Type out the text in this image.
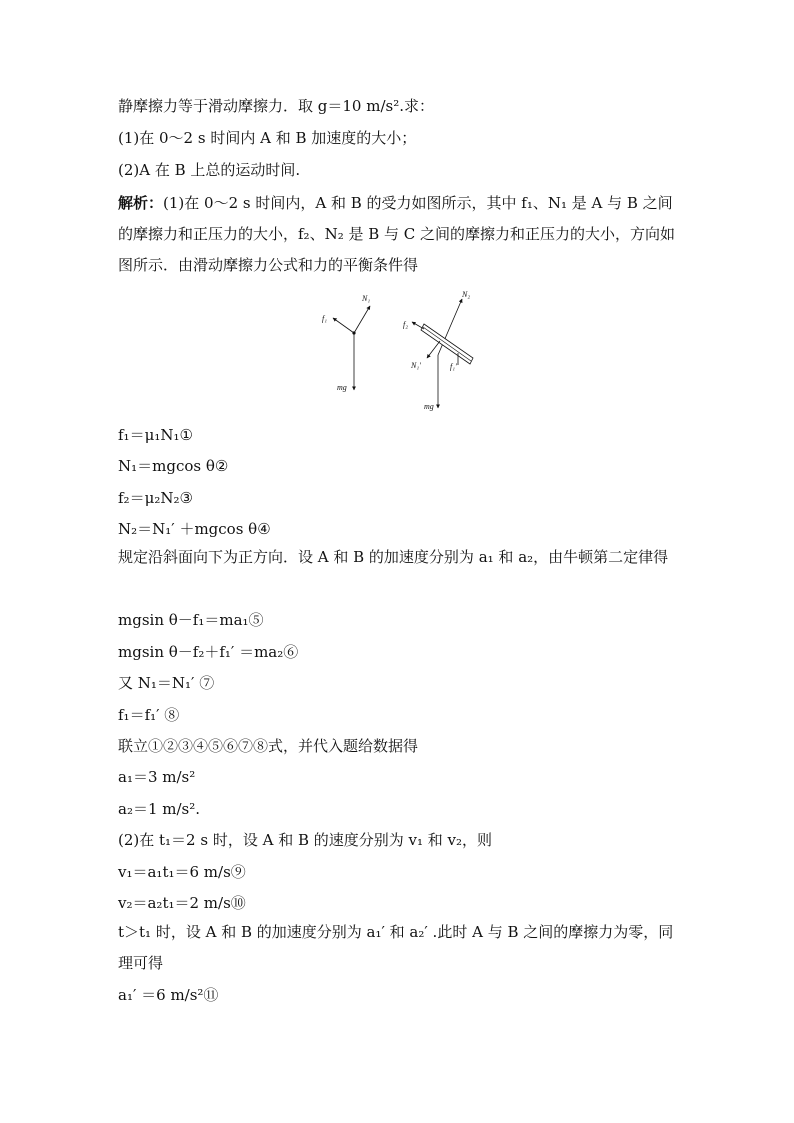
静摩擦力等于滑动摩擦力．取 g＝10 m/s².求：
(1)在 0～2 s 时间内 A 和 B 加速度的大小；
(2)A 在 B 上总的运动时间.
解析：(1)在 0～2 s 时间内，A 和 B 的受力如图所示，其中 f₁、N₁ 是 A 与 B 之间的摩擦力和正压力的大小，f₂、N₂ 是 B 与 C 之间的摩擦力和正压力的大小，方向如图所示．由滑动摩擦力公式和力的平衡条件得
N₁
f₁
mg
N₂
f₂
N₁′	f₁′
mg
f₁＝μ₁N₁①
N₁＝mgcos θ②
f₂＝μ₂N₂③
N₂＝N₁′ ＋mgcos θ④
规定沿斜面向下为正方向．设 A 和 B 的加速度分别为 a₁ 和 a₂，由牛顿第二定律得
mgsin θ－f₁＝ma₁⑤
mgsin θ－f₂＋f₁′ ＝ma₂⑥
又 N₁＝N₁′ ⑦
f₁＝f₁′ ⑧
联立①②③④⑤⑥⑦⑧式，并代入题给数据得
a₁＝3 m/s²
a₂＝1 m/s².
(2)在 t₁＝2 s 时，设 A 和 B 的速度分别为 v₁ 和 v₂，则
v₁＝a₁t₁＝6 m/s⑨
v₂＝a₂t₁＝2 m/s⑩
t＞t₁ 时，设 A 和 B 的加速度分别为 a₁′ 和 a₂′ .此时 A 与 B 之间的摩擦力为零，同理可得
a₁′ ＝6 m/s²⑪
